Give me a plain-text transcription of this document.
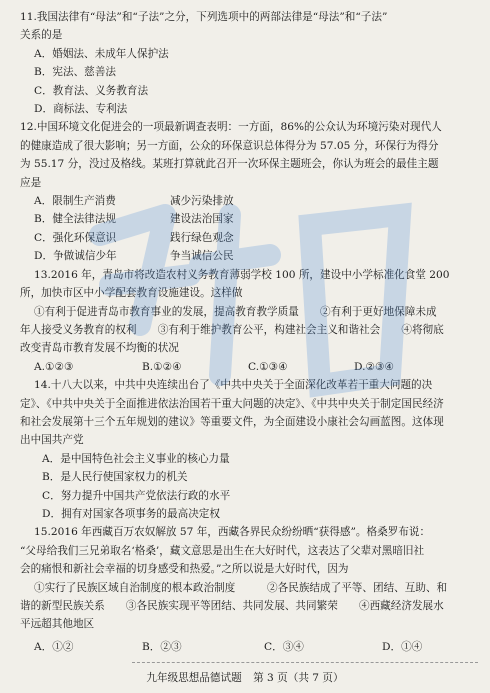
11.我国法律有“母法”和“子法”之分，下列选项中的两部法律是“母法”和“子法”
关系的是
A．婚姻法、未成年人保护法
B．宪法、慈善法
C．教育法、义务教育法
D．商标法、专利法
12.中国环境文化促进会的一项最新调查表明：一方面，86%的公众认为环境污染对现代人
的健康造成了很大影响；另一方面，公众的环保意识总体得分为 57.05 分，环保行为得分
为 55.17 分，没过及格线。某班打算就此召开一次环保主题班会，你认为班会的最佳主题
应是
A．限制生产消费	减少污染排放
B．健全法律法规	建设法治国家
C．强化环保意识	践行绿色观念
D．争做诚信少年	争当诚信公民
13.2016 年，青岛市将改造农村义务教育薄弱学校 100 所，建设中小学标准化食堂 200
所，加快市区中小学配套教育设施建设。这样做
①有利于促进青岛市教育事业的发展，提高教育教学质量　　②有利于更好地保障未成
年人接受义务教育的权利　　③有利于维护教育公平，构建社会主义和谐社会　　④将彻底
改变青岛市教育发展不均衡的状况
A.①②③	B.①②④	C.①③④	D.②③④
14.十八大以来，中共中央连续出台了《中共中央关于全面深化改革若干重大问题的决
定》、《中共中央关于全面推进依法治国若干重大问题的决定》、《中共中央关于制定国民经济
和社会发展第十三个五年规划的建议》等重要文件，为全面建设小康社会勾画蓝图。这体现
出中国共产党
A．是中国特色社会主义事业的核心力量
B．是人民行使国家权力的机关
C．努力提升中国共产党依法行政的水平
D．拥有对国家各项事务的最高决定权
15.2016 年西藏百万农奴解放 57 年，西藏各界民众纷纷晒“获得感”。格桑罗布说：
“父母给我们三兄弟取名‘格桑’，藏文意思是出生在大好时代，这表达了父辈对黑暗旧社
会的痛恨和新社会幸福的切身感受和热爱。”之所以说是大好时代，因为
①实行了民族区域自治制度的根本政治制度　　　②各民族结成了平等、团结、互助、和
谐的新型民族关系　　③各民族实现平等团结、共同发展、共同繁荣　　④西藏经济发展水
平远超其他地区
A．①②	B．②③	C．③④	D．①④
九年级思想品德试题 第 3 页（共 7 页）
